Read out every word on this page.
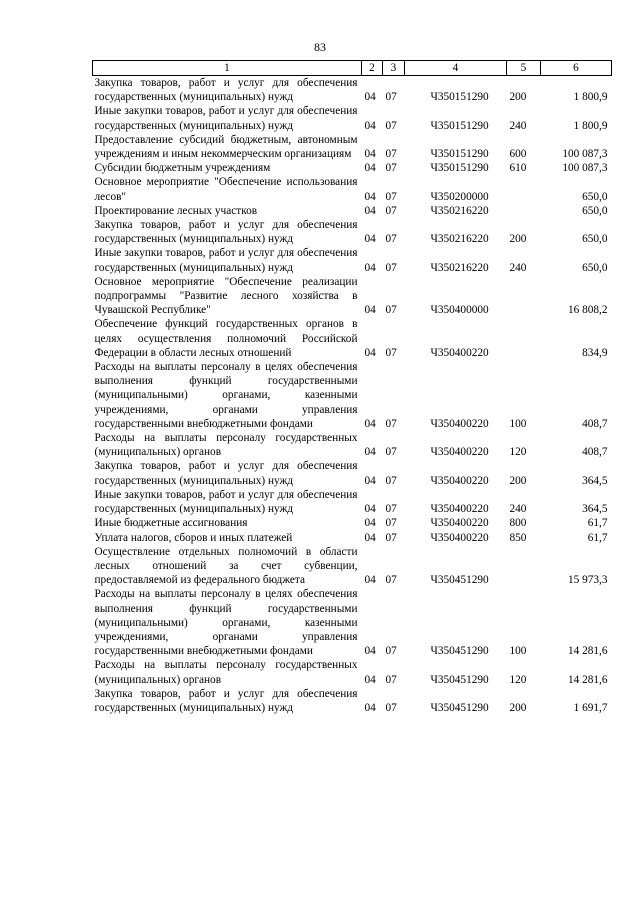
83
1	2	3	4	5	6
Закупка товаров, работ и услуг для обеспечения государственных (муниципальных) нужд	04	07	Ч350151290	200	1 800,9
Иные закупки товаров, работ и услуг для обеспечения государственных (муниципальных) нужд	04	07	Ч350151290	240	1 800,9
Предоставление субсидий бюджетным, автономным учреждениям и иным некоммерческим организациям	04	07	Ч350151290	600	100 087,3
Субсидии бюджетным учреждениям	04	07	Ч350151290	610	100 087,3
Основное мероприятие "Обеспечение использования лесов"	04	07	Ч350200000		650,0
Проектирование лесных участков	04	07	Ч350216220		650,0
Закупка товаров, работ и услуг для обеспечения государственных (муниципальных) нужд	04	07	Ч350216220	200	650,0
Иные закупки товаров, работ и услуг для обеспечения государственных (муниципальных) нужд	04	07	Ч350216220	240	650,0
Основное мероприятие "Обеспечение реализации подпрограммы "Развитие лесного хозяйства в Чувашской Республике"	04	07	Ч350400000		16 808,2
Обеспечение функций государственных органов в целях осуществления полномочий Российской Федерации в области лесных отношений	04	07	Ч350400220		834,9
Расходы на выплаты персоналу в целях обеспечения выполнения функций государственными (муниципальными) органами, казенными учреждениями, органами управления государственными внебюджетными фондами	04	07	Ч350400220	100	408,7
Расходы на выплаты персоналу государственных (муниципальных) органов	04	07	Ч350400220	120	408,7
Закупка товаров, работ и услуг для обеспечения государственных (муниципальных) нужд	04	07	Ч350400220	200	364,5
Иные закупки товаров, работ и услуг для обеспечения государственных (муниципальных) нужд	04	07	Ч350400220	240	364,5
Иные бюджетные ассигнования	04	07	Ч350400220	800	61,7
Уплата налогов, сборов и иных платежей	04	07	Ч350400220	850	61,7
Осуществление отдельных полномочий в области лесных отношений за счет субвенции, предоставляемой из федерального бюджета	04	07	Ч350451290		15 973,3
Расходы на выплаты персоналу в целях обеспечения выполнения функций государственными (муниципальными) органами, казенными учреждениями, органами управления государственными внебюджетными фондами	04	07	Ч350451290	100	14 281,6
Расходы на выплаты персоналу государственных (муниципальных) органов	04	07	Ч350451290	120	14 281,6
Закупка товаров, работ и услуг для обеспечения государственных (муниципальных) нужд	04	07	Ч350451290	200	1 691,7
